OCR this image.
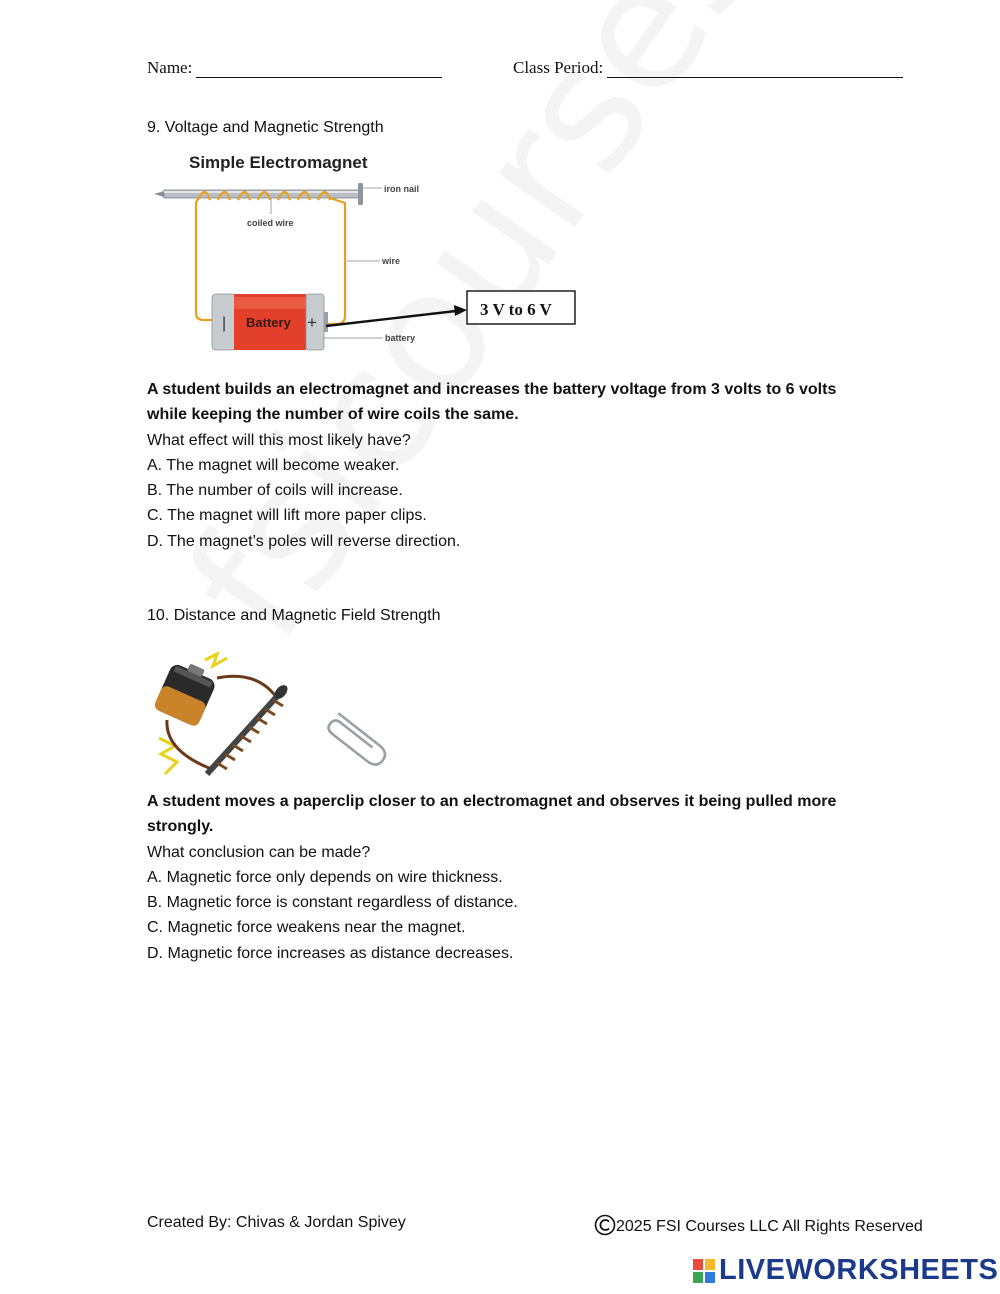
Name:	Class Period:
9. Voltage and Magnetic Strength
Simple Electromagnet
| Battery +
iron nail
coiled wire
wire
battery
3 V to 6 V

A student builds an electromagnet and increases the battery voltage from 3 volts to 6 volts while keeping the number of wire coils the same.

What effect will this most likely have?

A. The magnet will become weaker.

B. The number of coils will increase.

C. The magnet will lift more paper clips.

D. The magnet’s poles will reverse direction.

10. Distance and Magnetic Field Strength

A student moves a paperclip closer to an electromagnet and observes it being pulled more strongly.

What conclusion can be made?

A. Magnetic force only depends on wire thickness.

B. Magnetic force is constant regardless of distance.

C. Magnetic force weakens near the magnet.

D. Magnetic force increases as distance decreases.

Created By: Chivas & Jordan Spivey	2025 FSI Courses LLC All Rights Reserved
LIVEWORKSHEETS
